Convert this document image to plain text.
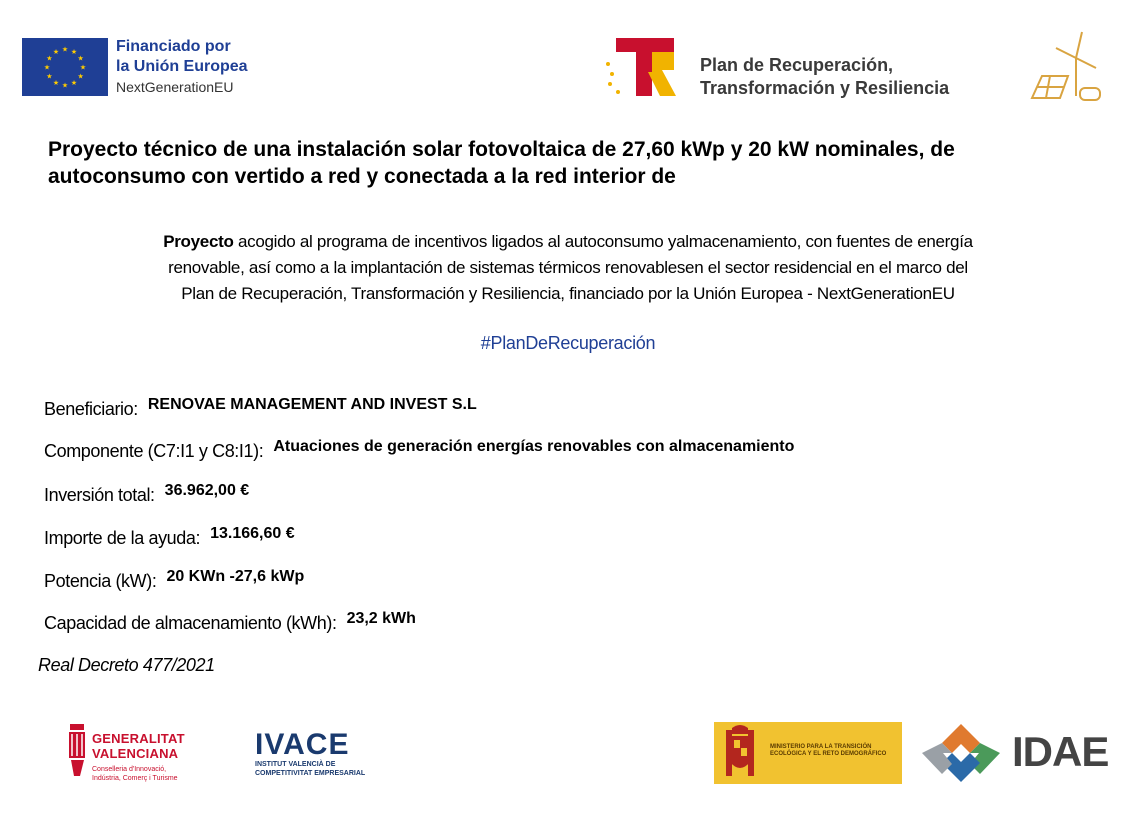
★ ★
★
★
★
★
★
★
★
★
★
★	Financiado por
la Unión Europea
NextGenerationEU
Plan de Recuperación,
Transformación y Resiliencia
Proyecto técnico de una instalación solar fotovoltaica de 27,60 kWp y 20 kW nominales, de autoconsumo con vertido a red y conectada a la red interior de
Proyecto acogido al programa de incentivos ligados al autoconsumo yalmacenamiento, con fuentes de energía
renovable, así como a la implantación de sistemas térmicos renovablesen el sector residencial en el marco del
Plan de Recuperación, Transformación y Resiliencia, financiado por la Unión Europea - NextGenerationEU
#PlanDeRecuperación
Beneficiario: RENOVAE MANAGEMENT AND INVEST S.L
Componente (C7:I1 y C8:I1): Atuaciones de generación energías renovables con almacenamiento
Inversión total: 36.962,00 €
Importe de la ayuda: 13.166,60 €
Potencia (kW): 20 KWn -27,6 kWp
Capacidad de almacenamiento (kWh): 23,2 kWh
Real Decreto 477/2021
GENERALITAT
VALENCIANA
Conselleria d'Innovació, Indústria, Comerç i Turisme
IVACE
INSTITUT VALENCIÀ DE COMPETITIVITAT EMPRESARIAL
MINISTERIO PARA LA TRANSICIÓN ECOLÓGICA Y EL RETO DEMOGRÁFICO	IDAE
